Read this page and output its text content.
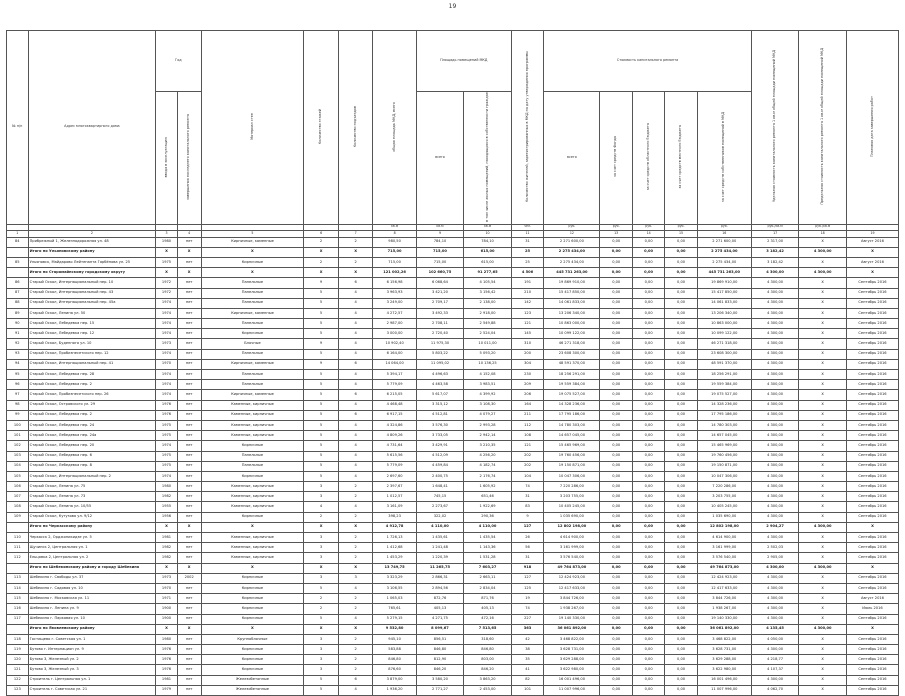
19
№ п/п	Адрес многоквартирного дома	Год		Материал стен	Количество этажей	Количество подъездов	общая площадь МКД, всего	Площадь помещений МКД		Количество жителей, зарегистрированных в МКД на дату утверждения программы	Стоимость капитального ремонта					Удельная стоимость капитального ремонта 1 кв.м общей площади помещений МКД	Предельная стоимость капитального ремонта 1 кв.м общей площади помещений МКД	Плановая дата завершения работ
		ввода в эксплуатацию	завершения последнего капитального ремонта					всего	в том числе жилых помещений, находящихся в собственности граждан		всего	за счет средств Фонда	за счет средств областного бюджета	за счет средств местного бюджета	за счет средств собственников помещений в МКД			
							кв.м	кв.м	кв.м	чел.	руб.	руб.	руб.	руб.	руб.	руб./кв.м	руб./кв.м	
1	2	3	4	5	6	7	8	9	10	11	12	13	14	15	16	17	18	19
84	Прибрежный 1, Железнодорожная ул. 48	1980	нет	Кирпичные, каменные	2	2	980,50	784,10	784,10	31	2 271 600,00	0,00	0,00	0,00	2 271 600,00	2 317,00	Х	Август 2016
	Итого по Ульяновскому району	Х	Х	Х	Х	Х	715,00	715,00	615,00	25	2 275 434,00	0,00	0,00	0,00	2 275 434,00	3 182,42	4 300,00	Х
85	Ульяновск, Майдарово Лейтенанта Гарбёнова ул. 25	1975	нет	Кирпичные	2	2	715,00	715,00	615,00	25	2 275 434,00	0,00	0,00	0,00	2 275 434,00	3 182,42	Х	Август 2016
	Итого по Старомайнскому городскому округу	Х	Х	Х	Х	Х	121 002,26	102 660,75	91 277,65	4 506	445 731 263,00	0,00	0,00	0,00	445 731 263,00	4 300,00	4 300,00	Х
86	Старый Оскол, Интернациональный пер. 10	1972	нет	Панельные	9	6	6 156,98	6 068,64	4 105,54	191	19 869 910,00	0,00	0,00	0,00	19 869 910,00	4 300,00	Х	Сентябрь 2016
87	Старый Оскол, Интернациональный пер. 43	1972	нет	Панельные	5	4	3 963,93	3 421,20	3 156,42	210	15 417 850,00	0,00	0,00	0,00	15 417 850,00	4 300,00	Х	Сентябрь 2016
88	Старый Оскол, Интернациональный пер. 45а	1974	нет	Панельные	5	4	3 249,00	2 709,17	2 138,00	142	14 061 833,00	0,00	0,00	0,00	14 061 833,00	4 300,00	Х	Сентябрь 2016
89	Старый Оскол, Ленина ул. 50	1974	нет	Кирпичные, каменные	5	4	4 272,57	3 492,33	2 918,00	123	13 206 340,00	0,00	0,00	0,00	13 206 340,00	4 300,00	Х	Сентябрь 2016
90	Старый Оскол, Лебедевка пер. 15	1974	нет	Панельные	5	4	2 987,00	2 708,11	2 549,88	121	10 863 000,00	0,00	0,00	0,00	10 863 000,00	4 300,00	Х	Сентябрь 2016
91	Старый Оскол, Лебедевка пер. 12	1974	нет	Кирпичные	5	4	3 000,00	2 720,40	2 524,04	145	10 099 122,00	0,00	0,00	0,00	10 099 122,00	4 300,00	Х	Сентябрь 2016
92	Старый Оскол, Буденного ул. 10	1973	нет	Блочные	9	4	10 902,40	11 975,30	10 011,00	310	46 271 318,00	0,00	0,00	0,00	46 271 318,00	4 300,00	Х	Сентябрь 2016
93	Старый Оскол, Пробизнесетского пер. 12	1974	нет	Панельные	5	4	6 164,00	5 803,22	5 093,20	200	23 608 300,00	0,00	0,00	0,00	23 608 300,00	4 300,00	Х	Сентябрь 2016
94	Старый Оскол, Интернациональный пер. 41	1970	нет	Кирпичные, каменные	9	6	14 064,00	11 095,02	10 136,25	304	48 591 370,00	0,00	0,00	0,00	48 591 370,00	4 300,00	Х	Сентябрь 2016
95	Старый Оскол, Лебедевка пер. 28	1974	нет	Панельные	5	4	5 394,17	4 496,63	4 152,08	230	18 256 291,00	0,00	0,00	0,00	18 256 291,00	4 300,00	Х	Сентябрь 2016
96	Старый Оскол, Лебедевка пер. 2	1974	нет	Панельные	5	4	5 779,09	4 463,58	3 983,51	209	19 559 384,00	0,00	0,00	0,00	19 559 384,00	4 300,00	Х	Сентябрь 2016
97	Старый Оскол, Пробизнесетского пер. 26	1974	нет	Кирпичные, каменные	5	6	6 215,05	5 617,07	4 399,92	206	19 075 527,00	0,00	0,00	0,00	19 075 527,00	4 300,00	Х	Сентябрь 2016
98	Старый Оскол, Островского ул. 29	1976	нет	Каменные, кирпичные	5	4	4 468,48	3 315,12	3 108,30	164	14 328 236,00	0,00	0,00	0,00	14 328 236,00	4 300,00	Х	Сентябрь 2016
99	Старый Оскол, Лебедевка пер. 2	1976	нет	Каменные, кирпичные	5	6	6 917,15	4 512,81	4 079,27	211	17 795 186,00	0,00	0,00	0,00	17 795 186,00	4 300,00	Х	Сентябрь 2016
100	Старый Оскол, Лебедевка пер. 24	1975	нет	Каменные, кирпичные	5	4	4 324,86	3 576,30	2 993,28	112	14 780 303,00	0,00	0,00	0,00	14 780 303,00	4 300,00	Х	Сентябрь 2016
101	Старый Оскол, Лебедевка пер. 24а	1975	нет	Каменные, кирпичные	5	4	4 809,26	3 733,05	2 942,14	108	14 657 045,00	0,00	0,00	0,00	14 657 045,00	4 300,00	Х	Сентябрь 2016
102	Старый Оскол, Лебедевка пер. 20	1974	нет	Кирпичные	5	4	4 731,64	3 429,91	3 210,35	121	15 465 969,00	0,00	0,00	0,00	15 465 969,00	4 300,00	Х	Сентябрь 2016
103	Старый Оскол, Лебедевка пер. 6	1975	нет	Панельные	5	4	5 615,56	4 512,09	4 256,20	202	19 760 456,00	0,00	0,00	0,00	19 760 456,00	4 300,00	Х	Сентябрь 2016
104	Старый Оскол, Лебедевка пер. 8	1975	нет	Панельные	5	4	5 779,09	4 459,84	4 182,74	202	19 150 871,00	0,00	0,00	0,00	19 150 871,00	4 300,00	Х	Сентябрь 2016
105	Старый Оскол, Интернациональный пер. 2	1974	нет	Кирпичные	5	4	2 697,60	2 400,75	2 176,74	104	10 047 306,00	0,00	0,00	0,00	10 047 306,00	4 300,00	Х	Сентябрь 2016
106	Старый Оскол, Ленина ул. 75	1980	нет	Каменные, кирпичные	3	2	2 397,67	1 648,41	1 605,92	74	7 220 286,00	0,00	0,00	0,00	7 220 286,00	4 300,00	Х	Сентябрь 2016
107	Старый Оскол, Ленина ул. 73	1982	нет	Каменные, кирпичные	3	2	1 012,57	745,15	651,46	31	3 203 755,00	0,00	0,00	0,00	3 203 755,00	4 300,00	Х	Сентябрь 2016
108	Старый Оскол, Ленина ул. 10/55	1955	нет	Каменные, кирпичные	4	4	3 161,09	2 273,67	1 922,69	83	10 405 245,00	0,00	0,00	0,00	10 405 245,00	4 300,00	Х	Сентябрь 2016
109	Старый Оскол, Кутузова ул. 9/12	1956	нет	Кирпичные	2	2	398,23	322,02	290,36	9	1 035 690,00	0,00	0,00	0,00	1 035 690,00	4 300,00	Х	Сентябрь 2016
	Итого по Черкасскому району	Х	Х	Х	Х	Х	4 912,78	4 110,00	4 110,00	127	12 802 198,00	0,00	0,00	0,00	12 802 198,00	2 904,27	4 300,00	Х
110	Черкасск 2, Орджоникидзе ул. 5	1981	нет	Каменные, кирпичные	3	2	1 726,13	1 435,61	1 435,54	26	4 614 900,00	0,00	0,00	0,00	4 614 900,00	4 300,00	Х	Сентябрь 2016
111	Щучинск 2, Центральная ул. 1	1982	нет	Каменные, кирпичные	3	2	1 412,68	1 241,48	1 143,36	56	3 161 999,00	0,00	0,00	0,00	3 161 999,00	2 502,03	Х	Сентябрь 2016
112	Ельцовка 2, Центральная ул. 2	1982	нет	Каменные, кирпичные	3	2	1 453,29	1 220,39	1 531,28	31	3 576 540,00	0,00	0,00	0,00	3 576 540,00	2 905,00	Х	Сентябрь 2016
	Итого по Шебекинскому району и городу Шебекино	Х	Х	Х	Х	Х	13 749,75	11 265,75	7 603,27	918	49 764 873,00	0,00	0,00	0,00	49 764 873,00	4 300,00	4 300,00	Х
113	Шебекино г. Свободы ул. 37	1973	2002	Кирпичные	3	3	3 323,29	2 866,31	2 663,11	127	12 424 923,00	0,00	0,00	0,00	12 424 923,00	4 300,00	Х	Сентябрь 2016
114	Шебекино г. Садовая ул. 10	1970	нет	Кирпичные	5	4	3 106,55	2 894,56	2 834,04	125	12 417 633,00	0,00	0,00	0,00	12 417 633,00	4 300,00	Х	Сентябрь 2016
115	Шебекино г. Московская ул. 11	1971	нет	Кирпичные	2	2	1 065,03	872,76	871,76	19	3 844 726,00	0,00	0,00	0,00	3 844 726,00	4 300,00	Х	Август 2016
116	Шебекино г. Ленина ул. 9	1900	нет	Кирпичные	2	2	765,61	405,13	405,13	74	1 938 267,00	0,00	0,00	0,00	1 938 267,00	4 300,00	Х	Июль 2016
117	Шебекино г. Парковая ул. 10	1900	нет	Кирпичные	5	4	5 279,15	4 271,75	472,16	227	19 140 330,00	0,00	0,00	0,00	19 140 330,00	4 300,00	Х	Сентябрь 2016
	Итого по Яковлевскому району	Х	Х	Х	Х	Х	9 532,80	8 099,67	7 513,65	363	36 061 892,00	0,00	0,00	0,00	36 061 892,00	4 135,45	4 300,00	Х
118	Гостищево г. Советская ул. 1	1980	нет	Крупноблочные	3	2	945,10	856,51	318,60	42	3 468 822,00	0,00	0,00	0,00	3 468 822,00	4 050,00	Х	Сентябрь 2016
119	Бутово г. Интернацион ул. 9	1976	нет	Кирпичные	3	2	583,88	846,80	846,80	38	3 628 731,00	0,00	0,00	0,00	3 628 731,00	4 300,00	Х	Сентябрь 2016
120	Бутово 3, Железный ул. 2	1976	нет	Кирпичные	3	2	846,80	812,90	803,00	35	3 629 288,00	0,00	0,00	0,00	3 629 288,00	4 218,77	Х	Сентябрь 2016
121	Бутово 3, Железный ул. 3	1976	нет	Кирпичные	3	2	876,60	846,20	846,20	41	3 622 980,00	0,00	0,00	0,00	3 622 980,00	4 107,37	Х	Сентябрь 2016
122	Строитель г. Центральная ул. 1	1981	нет	Железобетонные	5	6	3 879,00	3 580,20	3 863,20	82	16 001 496,00	0,00	0,00	0,00	16 001 496,00	4 300,00	Х	Сентябрь 2016
123	Строитель г. Советская ул. 21	1979	нет	Железобетонные	5	4	1 936,20	2 771,27	2 453,00	101	11 007 996,00	0,00	0,00	0,00	11 007 996,00	4 062,70	Х	Сентябрь 2016
